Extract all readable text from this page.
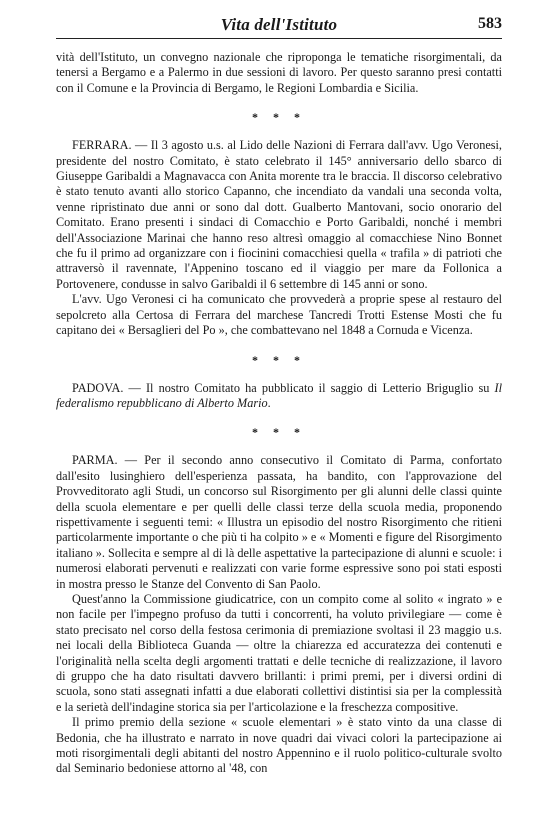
Vita dell'Istituto	583

vità dell'Istituto, un convegno nazionale che riproponga le tematiche risorgimentali, da tenersi a Bergamo e a Palermo in due sessioni di lavoro. Per questo saranno presi contatti con il Comune e la Provincia di Bergamo, le Regioni Lombardia e Sicilia.

* * *

FERRARA. — Il 3 agosto u.s. al Lido delle Nazioni di Ferrara dall'avv. Ugo Veronesi, presidente del nostro Comitato, è stato celebrato il 145° anniversario dello sbarco di Giuseppe Garibaldi a Magnavacca con Anita morente tra le braccia. Il discorso celebrativo è stato tenuto avanti allo storico Capanno, che incendiato da vandali una seconda volta, venne ripristinato due anni or sono dal dott. Gualberto Mantovani, socio onorario del Comitato. Erano presenti i sindaci di Comacchio e Porto Garibaldi, nonché i membri dell'Associazione Marinai che hanno reso altresì omaggio al comacchiese Nino Bonnet che fu il primo ad organizzare con i fiocinini comacchiesi quella « trafila » di patrioti che attraversò il ravennate, l'Appenino toscano ed il viaggio per mare da Follonica a Portovenere, condusse in salvo Garibaldi il 6 settembre di 145 anni or sono.

L'avv. Ugo Veronesi ci ha comunicato che provvederà a proprie spese al restauro del sepolcreto alla Certosa di Ferrara del marchese Tancredi Trotti Estense Mosti che fu capitano dei « Bersaglieri del Po », che combattevano nel 1848 a Cornuda e Vicenza.

* * *

PADOVA. — Il nostro Comitato ha pubblicato il saggio di Letterio Briguglio su Il federalismo repubblicano di Alberto Mario.

* * *

PARMA. — Per il secondo anno consecutivo il Comitato di Parma, confortato dall'esito lusinghiero dell'esperienza passata, ha bandito, con l'approvazione del Provveditorato agli Studi, un concorso sul Risorgimento per gli alunni delle classi quinte della scuola elementare e per quelli delle classi terze della scuola media, proponendo rispettivamente i seguenti temi: « Illustra un episodio del nostro Risorgimento che ritieni particolarmente importante o che più ti ha colpito » e « Momenti e figure del Risorgimento italiano ». Sollecita e sempre al di là delle aspettative la partecipazione di alunni e scuole: i numerosi elaborati pervenuti e realizzati con varie forme espressive sono poi stati esposti in mostra presso le Stanze del Convento di San Paolo.

Quest'anno la Commissione giudicatrice, con un compito come al solito « ingrato » e non facile per l'impegno profuso da tutti i concorrenti, ha voluto privilegiare — come è stato precisato nel corso della festosa cerimonia di premiazione svoltasi il 23 maggio u.s. nei locali della Biblioteca Guanda — oltre la chiarezza ed accuratezza dei contenuti e l'originalità nella scelta degli argomenti trattati e delle tecniche di realizzazione, il lavoro di gruppo che ha dato risultati davvero brillanti: i primi premi, per i diversi ordini di scuola, sono stati assegnati infatti a due elaborati collettivi distintisi sia per la complessità e la serietà dell'indagine storica sia per l'articolazione e la freschezza compositive.

Il primo premio della sezione « scuole elementari » è stato vinto da una classe di Bedonia, che ha illustrato e narrato in nove quadri dai vivaci colori la partecipazione ai moti risorgimentali degli abitanti del nostro Appennino e il ruolo politico-culturale svolto dal Seminario bedoniese attorno al '48, con
